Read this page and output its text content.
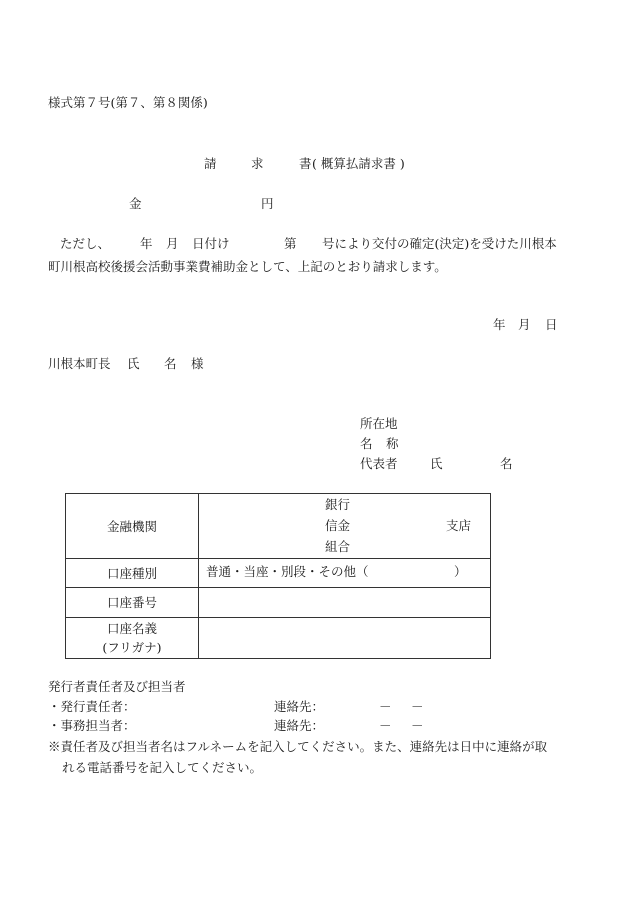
様式第７号(第７、第８関係)
請	求	書 ( 概算払請求書 )
金	円
ただし、 年 月 日付け	第 号により交付の確定(決定)を受けた川根本
町川根高校後援会活動事業費補助金として、上記のとおり請求します。
年 月 日
川根本町長 氏 名 様
所在地
名 称
代表者	氏	名
金融機関	銀行
信金
組合
支店

口座種別	普通・当座・別段・その他（ ）

口座番号	

口座名義
(フリガナ)	

発行者責任者及び担当者
・発行責任者：	連絡先：	－ －
・事務担当者：	連絡先：	－ －
※責任者及び担当者名はフルネームを記入してください。また、連絡先は日中に連絡が取
れる電話番号を記入してください。
